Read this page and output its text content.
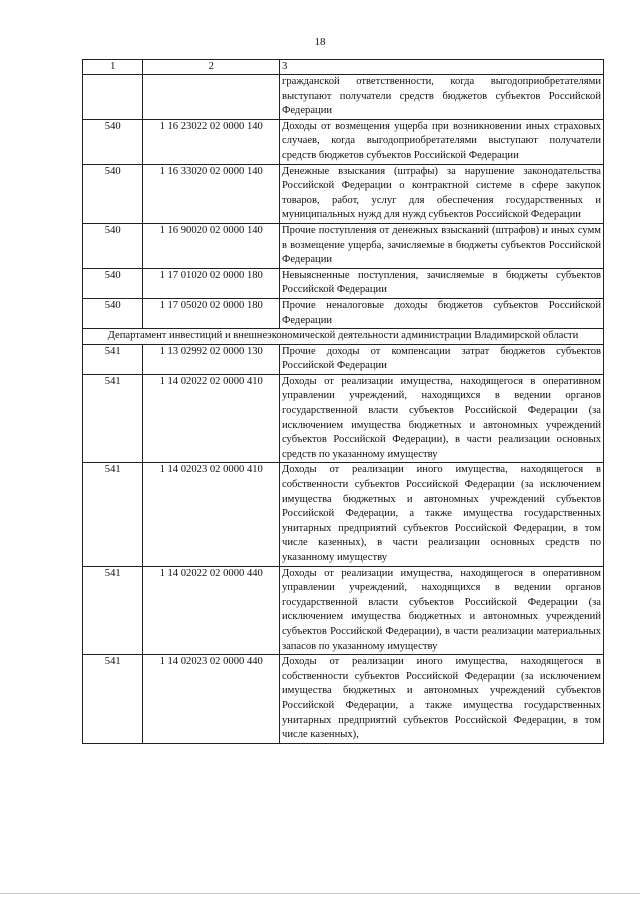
18
1	2	3
		гражданской ответственности, когда выгодоприобретателями выступают получатели средств бюджетов субъектов Российской Федерации
540	1 16 23022 02 0000 140	Доходы от возмещения ущерба при возникновении иных страховых случаев, когда выгодоприобретателями выступают получатели средств бюджетов субъектов Российской Федерации
540	1 16 33020 02 0000 140	Денежные взыскания (штрафы) за нарушение законодательства Российской Федерации о контрактной системе в сфере закупок товаров, работ, услуг для обеспечения государственных и муниципальных нужд для нужд субъектов Российской Федерации
540	1 16 90020 02 0000 140	Прочие поступления от денежных взысканий (штрафов) и иных сумм в возмещение ущерба, зачисляемые в бюджеты субъектов Российской Федерации
540	1 17 01020 02 0000 180	Невыясненные поступления, зачисляемые в бюджеты субъектов Российской Федерации
540	1 17 05020 02 0000 180	Прочие неналоговые доходы бюджетов субъектов Российской Федерации
Департамент инвестиций и внешнеэкономической деятельности администрации Владимирской области		
541	1 13 02992 02 0000 130	Прочие доходы от компенсации затрат бюджетов субъектов Российской Федерации
541	1 14 02022 02 0000 410	Доходы от реализации имущества, находящегося в оперативном управлении учреждений, находящихся в ведении органов государственной власти субъектов Российской Федерации (за исключением имущества бюджетных и автономных учреждений субъектов Российской Федерации), в части реализации основных средств по указанному имуществу
541	1 14 02023 02 0000 410	Доходы от реализации иного имущества, находящегося в собственности субъектов Российской Федерации (за исключением имущества бюджетных и автономных учреждений субъектов Российской Федерации, а также имущества государственных унитарных предприятий субъектов Российской Федерации, в том числе казенных), в части реализации основных средств по указанному имуществу
541	1 14 02022 02 0000 440	Доходы от реализации имущества, находящегося в оперативном управлении учреждений, находящихся в ведении органов государственной власти субъектов Российской Федерации (за исключением имущества бюджетных и автономных учреждений субъектов Российской Федерации), в части реализации материальных запасов по указанному имуществу
541	1 14 02023 02 0000 440	Доходы от реализации иного имущества, находящегося в собственности субъектов Российской Федерации (за исключением имущества бюджетных и автономных учреждений субъектов Российской Федерации, а также имущества государственных унитарных предприятий субъектов Российской Федерации, в том числе казенных),
